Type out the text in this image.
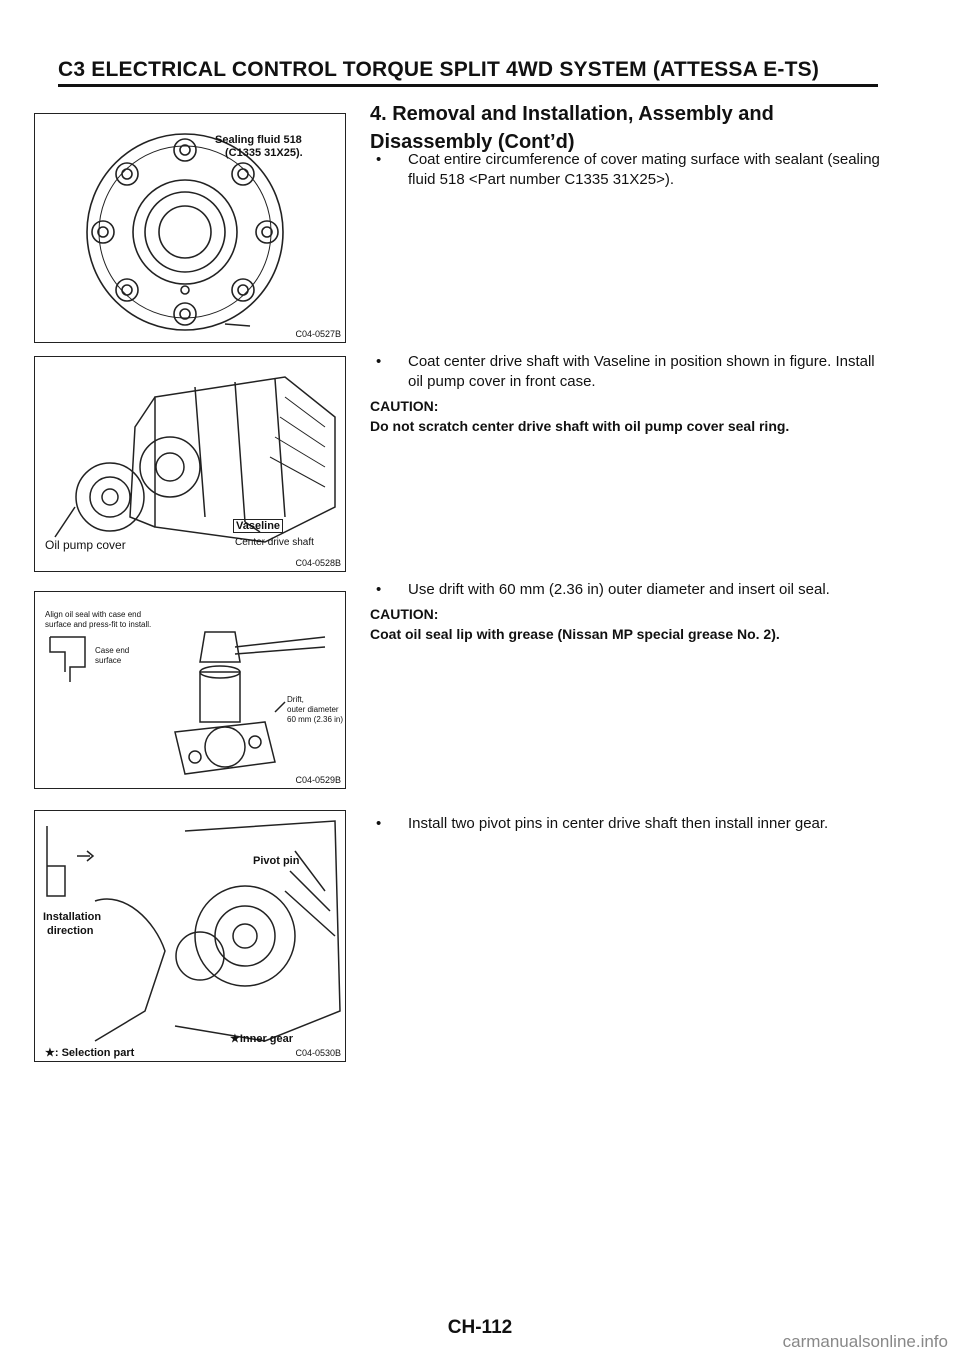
C3 ELECTRICAL CONTROL TORQUE SPLIT 4WD SYSTEM (ATTESSA E-TS)
4. Removal and Installation, Assembly and
Disassembly (Cont’d)
Sealing fluid 518
(C1335 31X25).
C04-0527B
Vaseline
Center drive shaft
Oil pump cover
C04-0528B
Align oil seal with case end
surface and press-fit to install.
Case end
surface
Drift,
outer diameter
60 mm (2.36 in)
C04-0529B
Pivot pin
Installation
direction
★Inner gear
★: Selection part	C04-0530B
• Coat entire circumference of cover mating surface with sealant (sealing fluid 518 <Part number C1335 31X25>).
• Coat center drive shaft with Vaseline in position shown in figure. Install oil pump cover in front case.
CAUTION:
Do not scratch center drive shaft with oil pump cover seal ring.
• Use drift with 60 mm (2.36 in) outer diameter and insert oil seal.
CAUTION:
Coat oil seal lip with grease (Nissan MP special grease No. 2).
• Install two pivot pins in center drive shaft then install inner gear.
CH-112
carmanualsonline.info
